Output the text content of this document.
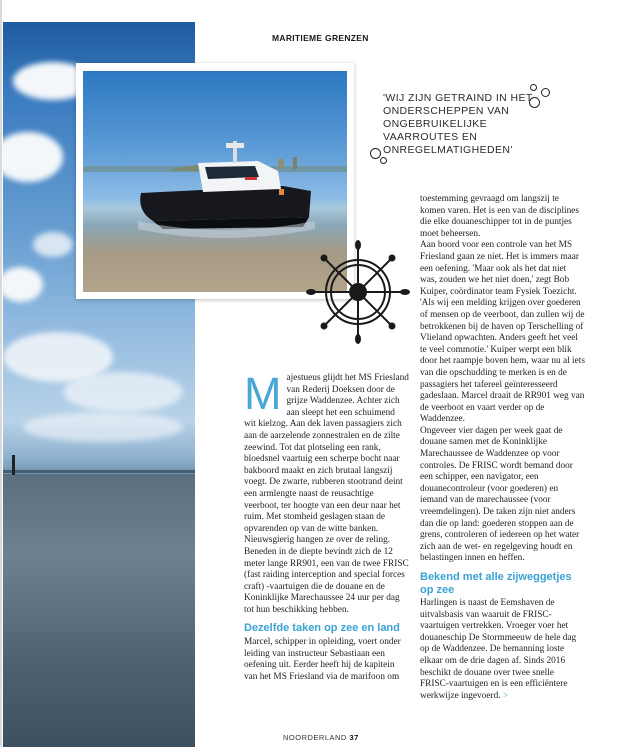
MARITIEME GRENZEN
'WIJ ZIJN GETRAIND IN HET ONDERSCHEPPEN VAN ONGEBRUIKELIJKE VAARROUTES EN ONREGELMATIGHEDEN'

Majestueus glijdt het MS Friesland van Rederij Doeksen door de grijze Waddenzee. Achter zich aan sleept het een schuimend wit kielzog. Aan dek laven passagiers zich aan de aarzelende zonnestralen en de zilte zeewind. Tot dat plotseling een rank, bloedsnel vaartuig een scherpe bocht naar bakboord maakt en zich brutaal langszij voegt. De zwarte, rubberen stootrand deint een armlengte naast de reusachtige veerboot, ter hoogte van een deur naar het ruim. Met stomheid geslagen staan de opvarenden op van de witte banken. Nieuwsgierig hangen ze over de reling. Beneden in de diepte bevindt zich de 12 meter lange RR901, een van de twee FRISC (fast raiding interception and special forces craft) -vaartuigen die de douane en de Koninklijke Marechaussee 24 uur per dag tot hun beschikking hebben.

Dezelfde taken op zee en land

Marcel, schipper in opleiding, voert onder leiding van instructeur Sebastiaan een oefening uit. Eerder heeft hij de kapitein van het MS Friesland via de marifoon om

toestemming gevraagd om langszij te komen varen. Het is een van de disciplines die elke douaneschipper tot in de puntjes moet beheersen.

Aan boord voor een controle van het MS Friesland gaan ze niet. Het is immers maar een oefening. 'Maar ook als het dat niet was, zouden we het niet doen,' zegt Bob Kuiper, coördinator team Fysiek Toezicht. 'Als wij een melding krijgen over goederen of mensen op de veerboot, dan zullen wij de betrokkenen bij de haven op Terschelling of Vlieland opwachten. Anders geeft het veel te veel commotie.' Kuiper werpt een blik door het raampje boven hem, waar nu al iets van die opschudding te merken is en de passagiers het tafereel geïnteresseerd gadeslaan. Marcel draait de RR901 weg van de veerboot en vaart verder op de Waddenzee.

Ongeveer vier dagen per week gaat de douane samen met de Koninklijke Marechaussee de Waddenzee op voor controles. De FRISC wordt bemand door een schipper, een navigator, een douanecontroleur (voor goederen) en iemand van de marechaussee (voor vreemdelingen). De taken zijn niet anders dan die op land: goederen stoppen aan de grens, controleren of iedereen op het water zich aan de wet- en regelgeving houdt en belastingen innen en heffen.

Bekend met alle zijweggetjes op zee

Harlingen is naast de Eemshaven de uitvalsbasis van waaruit de FRISC-vaartuigen vertrekken. Vroeger voer het douaneschip De Stormmeeuw de hele dag op de Waddenzee. De bemanning loste elkaar om de drie dagen af. Sinds 2016 beschikt de douane over twee snelle FRISC-vaartuigen en is een efficiëntere werkwijze ingevoerd. >

NOORDERLAND 37
